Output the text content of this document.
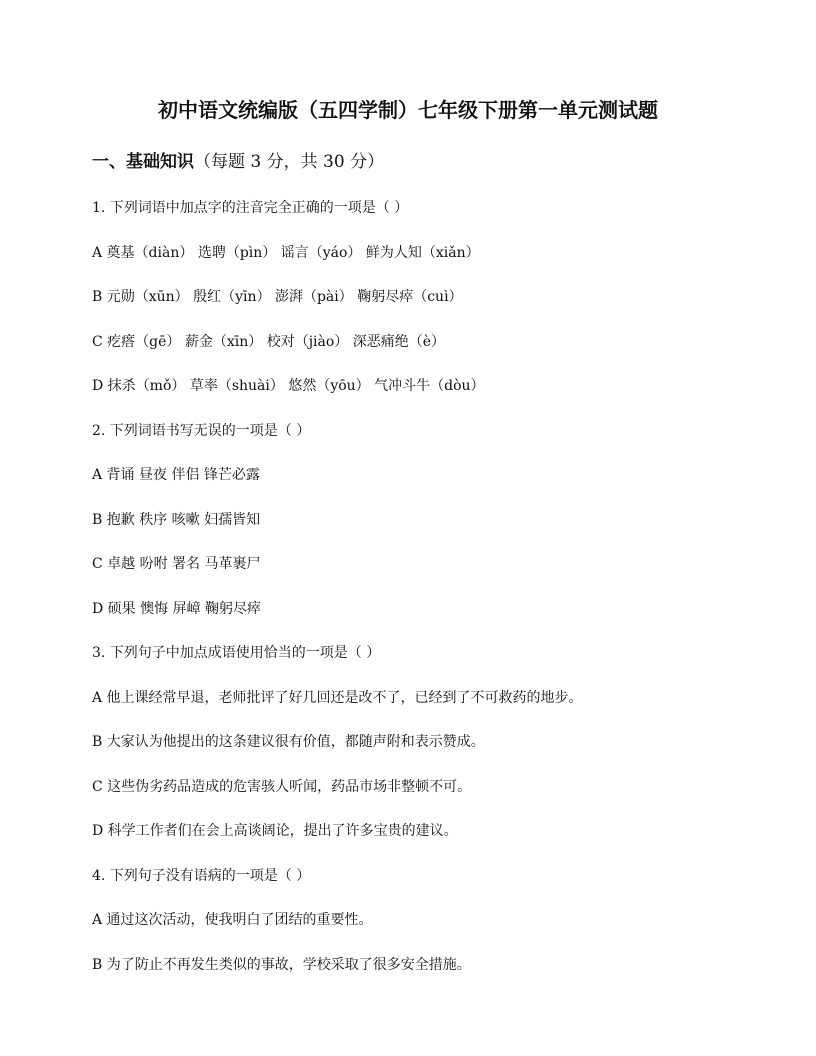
初中语文统编版（五四学制）七年级下册第一单元测试题
一、基础知识（每题 3 分，共 30 分）
1. 下列词语中加点字的注音完全正确的一项是（ ）
A 奠基（diàn） 选聘（pìn） 谣言（yáo） 鲜为人知（xiǎn）
B 元勋（xūn） 殷红（yīn） 澎湃（pài） 鞠躬尽瘁（cuì）
C 疙瘩（gē） 薪金（xīn） 校对（jiào） 深恶痛绝（è）
D 抹杀（mǒ） 草率（shuài） 悠然（yōu） 气冲斗牛（dòu）
2. 下列词语书写无误的一项是（ ）
A 背诵 昼夜 伴侣 锋芒必露
B 抱歉 秩序 咳嗽 妇孺皆知
C 卓越 吩咐 署名 马革裹尸
D 硕果 懊悔 屏嶂 鞠躬尽瘁
3. 下列句子中加点成语使用恰当的一项是（ ）
A 他上课经常早退，老师批评了好几回还是改不了，已经到了不可救药的地步。
B 大家认为他提出的这条建议很有价值，都随声附和表示赞成。
C 这些伪劣药品造成的危害骇人听闻，药品市场非整顿不可。
D 科学工作者们在会上高谈阔论，提出了许多宝贵的建议。
4. 下列句子没有语病的一项是（ ）
A 通过这次活动，使我明白了团结的重要性。
B 为了防止不再发生类似的事故，学校采取了很多安全措施。
